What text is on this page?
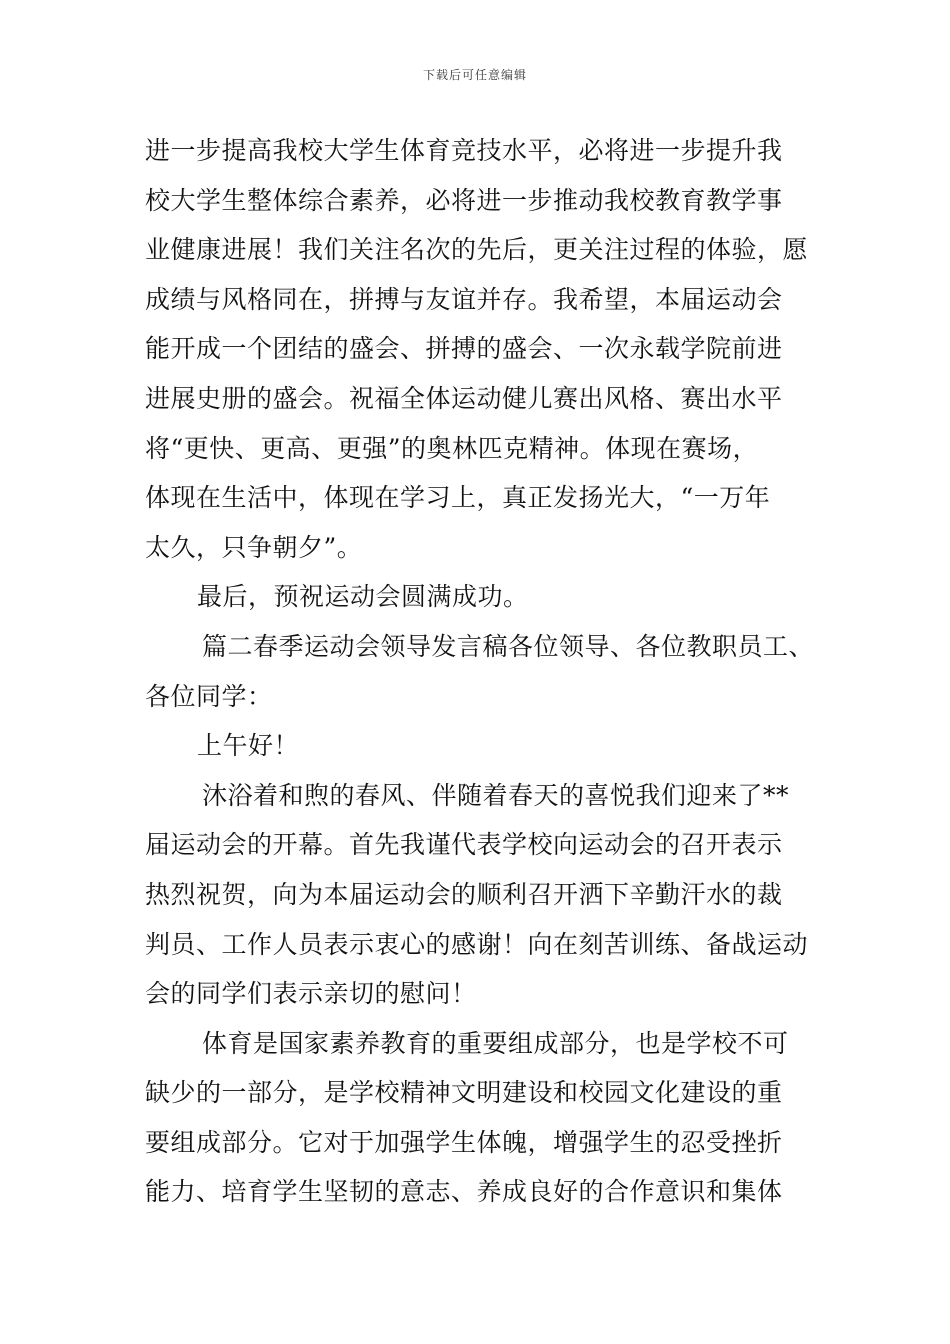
下载后可任意编辑
进一步提高我校大学生体育竞技水平，必将进一步提升我
校大学生整体综合素养，必将进一步推动我校教育教学事
业健康进展！我们关注名次的先后，更关注过程的体验，愿
成绩与风格同在，拼搏与友谊并存。我希望，本届运动会
能开成一个团结的盛会、拼搏的盛会、一次永载学院前进
进展史册的盛会。祝福全体运动健儿赛出风格、赛出水平
将“更快、更高、更强”的奥林匹克精神。体现在赛场，
体现在生活中，体现在学习上，真正发扬光大，“一万年
太久，只争朝夕”。
最后，预祝运动会圆满成功。
篇二春季运动会领导发言稿各位领导、各位教职员工、
各位同学：
上午好！
沐浴着和煦的春风、伴随着春天的喜悦我们迎来了**
届运动会的开幕。首先我谨代表学校向运动会的召开表示
热烈祝贺，向为本届运动会的顺利召开洒下辛勤汗水的裁
判员、工作人员表示衷心的感谢！向在刻苦训练、备战运动
会的同学们表示亲切的慰问！
体育是国家素养教育的重要组成部分，也是学校不可
缺少的一部分，是学校精神文明建设和校园文化建设的重
要组成部分。它对于加强学生体魄，增强学生的忍受挫折
能力、培育学生坚韧的意志、养成良好的合作意识和集体
